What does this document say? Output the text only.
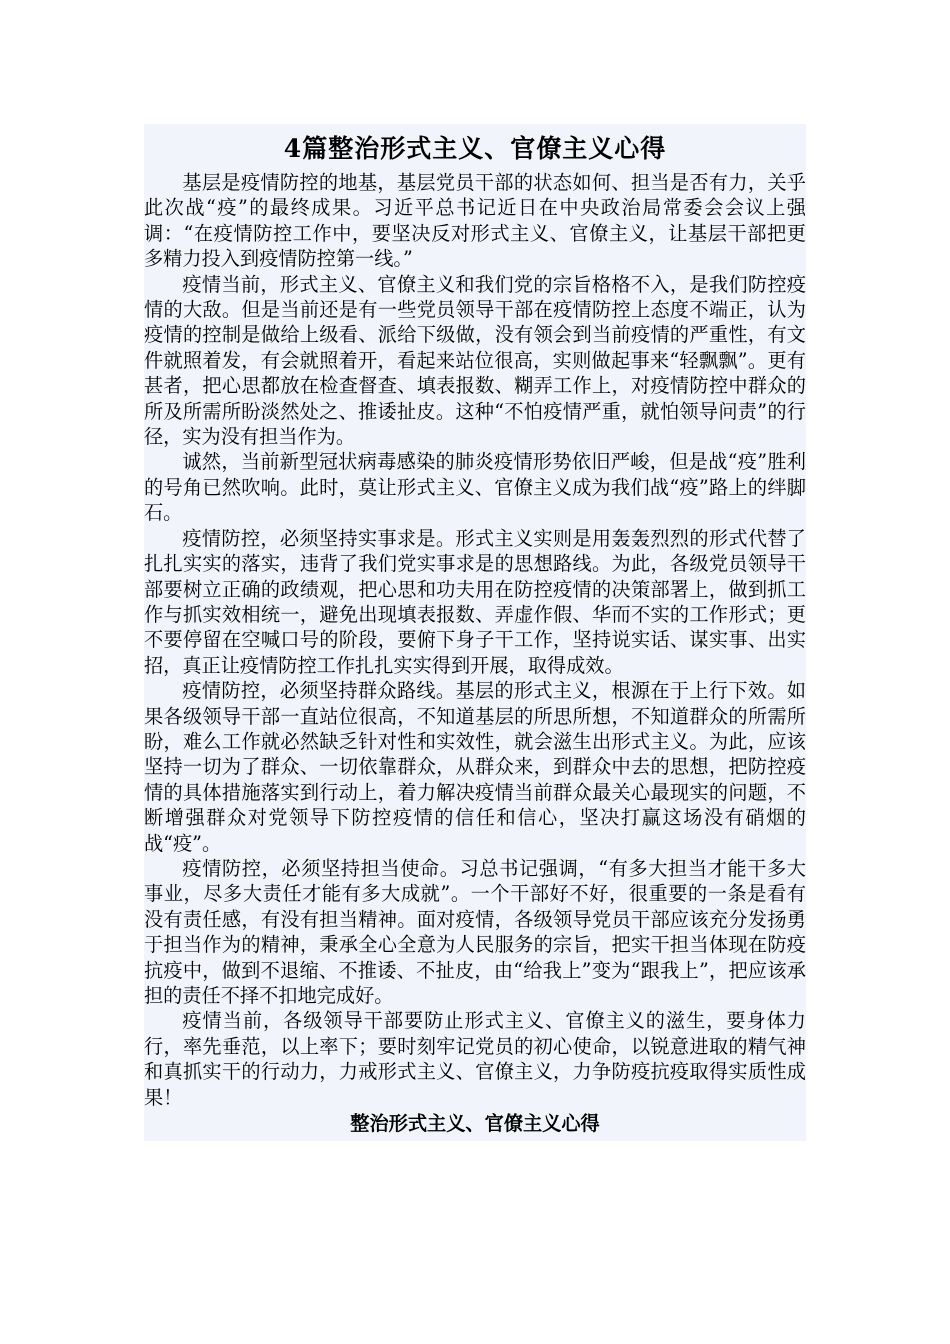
4篇整治形式主义、官僚主义心得

基层是疫情防控的地基，基层党员干部的状态如何、担当是否有力，关乎此次战“疫”的最终成果。习近平总书记近日在中央政治局常委会会议上强调：“在疫情防控工作中，要坚决反对形式主义、官僚主义，让基层干部把更多精力投入到疫情防控第一线。”

疫情当前，形式主义、官僚主义和我们党的宗旨格格不入，是我们防控疫情的大敌。但是当前还是有一些党员领导干部在疫情防控上态度不端正，认为疫情的控制是做给上级看、派给下级做，没有领会到当前疫情的严重性，有文件就照着发，有会就照着开，看起来站位很高，实则做起事来“轻飘飘”。更有甚者，把心思都放在检查督查、填表报数、糊弄工作上，对疫情防控中群众的所及所需所盼淡然处之、推诿扯皮。这种“不怕疫情严重，就怕领导问责”的行径，实为没有担当作为。

诚然，当前新型冠状病毒感染的肺炎疫情形势依旧严峻，但是战“疫”胜利的号角已然吹响。此时，莫让形式主义、官僚主义成为我们战“疫”路上的绊脚石。

疫情防控，必须坚持实事求是。形式主义实则是用轰轰烈烈的形式代替了扎扎实实的落实，违背了我们党实事求是的思想路线。为此，各级党员领导干部要树立正确的政绩观，把心思和功夫用在防控疫情的决策部署上，做到抓工作与抓实效相统一，避免出现填表报数、弄虚作假、华而不实的工作形式；更不要停留在空喊口号的阶段，要俯下身子干工作，坚持说实话、谋实事、出实招，真正让疫情防控工作扎扎实实得到开展，取得成效。

疫情防控，必须坚持群众路线。基层的形式主义，根源在于上行下效。如果各级领导干部一直站位很高，不知道基层的所思所想，不知道群众的所需所盼，难么工作就必然缺乏针对性和实效性，就会滋生出形式主义。为此，应该坚持一切为了群众、一切依靠群众，从群众来，到群众中去的思想，把防控疫情的具体措施落实到行动上，着力解决疫情当前群众最关心最现实的问题，不断增强群众对党领导下防控疫情的信任和信心，坚决打赢这场没有硝烟的战“疫”。

疫情防控，必须坚持担当使命。习总书记强调，“有多大担当才能干多大事业，尽多大责任才能有多大成就”。一个干部好不好，很重要的一条是看有没有责任感，有没有担当精神。面对疫情，各级领导党员干部应该充分发扬勇于担当作为的精神，秉承全心全意为人民服务的宗旨，把实干担当体现在防疫抗疫中，做到不退缩、不推诿、不扯皮，由“给我上”变为“跟我上”，把应该承担的责任不择不扣地完成好。

疫情当前，各级领导干部要防止形式主义、官僚主义的滋生，要身体力行，率先垂范，以上率下；要时刻牢记党员的初心使命，以锐意进取的精气神和真抓实干的行动力，力戒形式主义、官僚主义，力争防疫抗疫取得实质性成果！

整治形式主义、官僚主义心得
